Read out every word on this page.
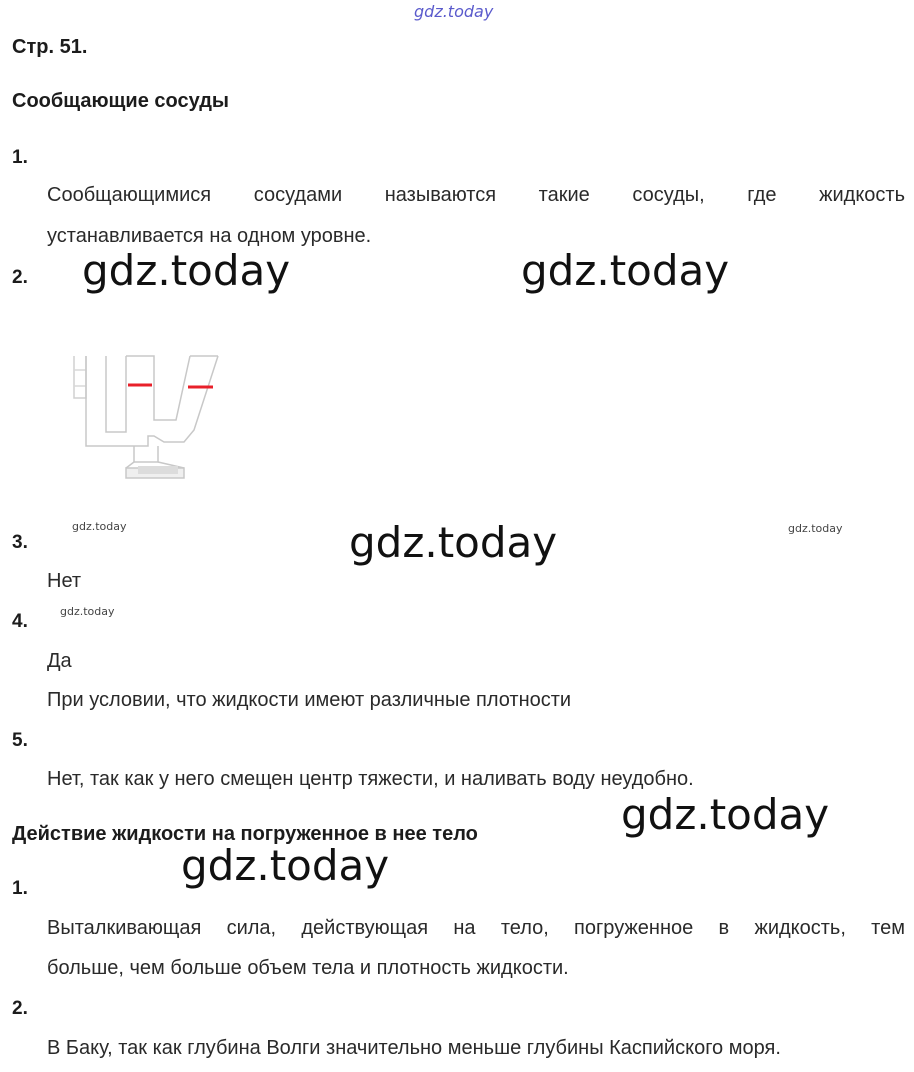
gdz.today
Стр. 51.
Сообщающие сосуды
1.
Сообщающимися сосудами называются такие сосуды, где жидкость
устанавливается на одном уровне.
2. gdz.today	gdz.today
gdz.today	gdz.today
3.	gdz.today
Нет
gdz.today
4.
Да
При условии, что жидкости имеют различные плотности
5.
Нет, так как у него смещен центр тяжести, и наливать воду неудобно.
Действие жидкости на погруженное в нее тело	gdz.today
gdz.today
1.
Выталкивающая сила, действующая на тело, погруженное в жидкость, тем
больше, чем больше объем тела и плотность жидкости.
2.
В Баку, так как глубина Волги значительно меньше глубины Каспийского моря.
